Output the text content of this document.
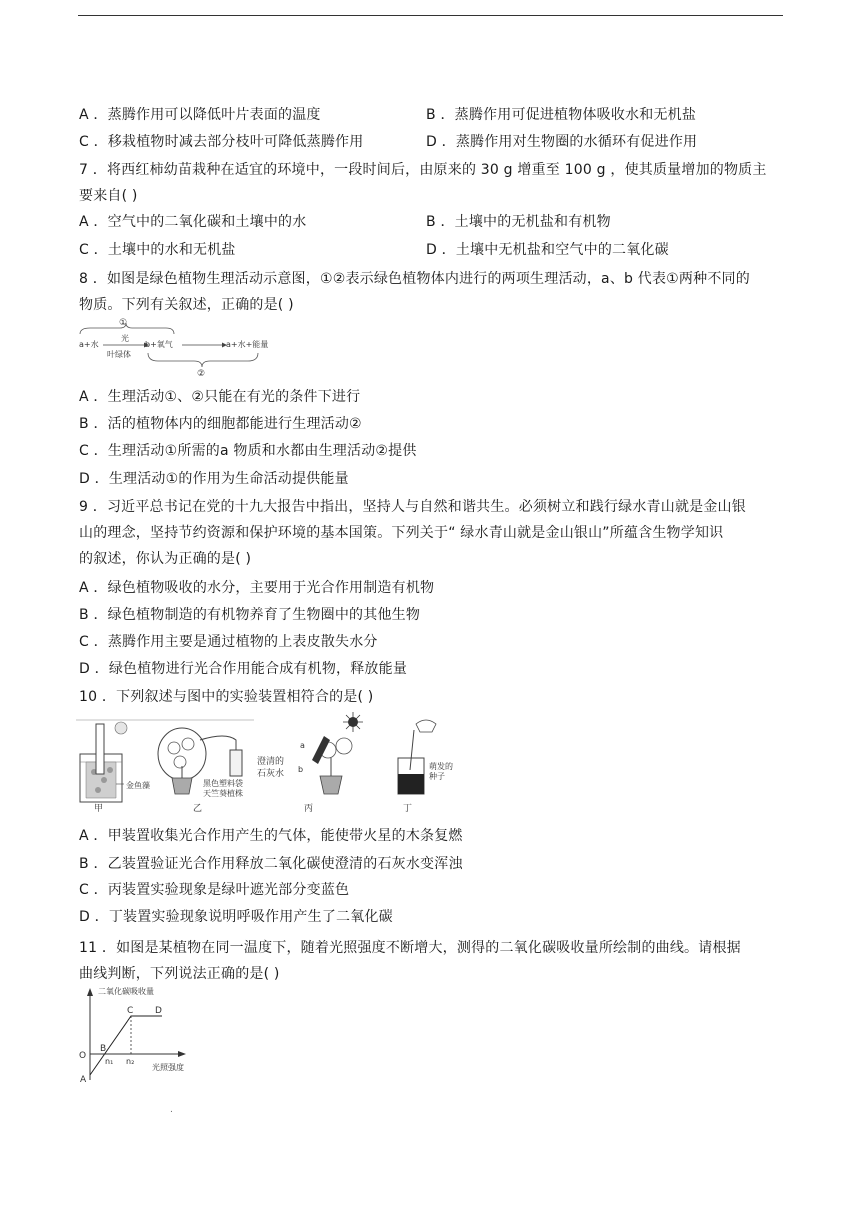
A ．蒸腾作用可以降低叶片表面的温度	B ．蒸腾作用可促进植物体吸收水和无机盐
C ．移栽植物时减去部分枝叶可降低蒸腾作用	D ．蒸腾作用对生物圈的水循环有促进作用
7 ．将西红柿幼苗栽种在适宜的环境中，一段时间后，由原来的 30 g 增重至 100 g ，使其质量增加的物质主
要来自( )
A ．空气中的二氧化碳和土壤中的水	B ．土壤中的无机盐和有机物
C ．土壤中的水和无机盐	D ．土壤中无机盐和空气中的二氧化碳
8 ．如图是绿色植物生理活动示意图，①②表示绿色植物体内进行的两项生理活动，a、b 代表①两种不同的
物质。下列有关叙述，正确的是( )
①
a+水
光
叶绿体
b+氧气	a+水+能量
②
A ．生理活动①、②只能在有光的条件下进行
B ．活的植物体内的细胞都能进行生理活动②
C ．生理活动①所需的a 物质和水都由生理活动②提供
D ．生理活动①的作用为生命活动提供能量
9 ．习近平总书记在党的十九大报告中指出，坚持人与自然和谐共生。必须树立和践行绿水青山就是金山银
山的理念，坚持节约资源和保护环境的基本国策。下列关于“ 绿水青山就是金山银山”所蕴含生物学知识
的叙述，你认为正确的是( )
A ．绿色植物吸收的水分，主要用于光合作用制造有机物
B ．绿色植物制造的有机物养育了生物圈中的其他生物
C ．蒸腾作用主要是通过植物的上表皮散失水分
D ．绿色植物进行光合作用能合成有机物，释放能量
10 ．下列叙述与图中的实验装置相符合的是( )
金鱼藻
甲
黑色塑料袋
天竺葵植株
乙
a
b
澄清的
石灰水
丙
萌发的
种子
丁
A ．甲装置收集光合作用产生的气体，能使带火星的木条复燃
B ．乙装置验证光合作用释放二氧化碳使澄清的石灰水变浑浊
C ．丙装置实验现象是绿叶遮光部分变蓝色
D ．丁装置实验现象说明呼吸作用产生了二氧化碳
11 ．如图是某植物在同一温度下，随着光照强度不断增大，测得的二氧化碳吸收量所绘制的曲线。请根据
曲线判断，下列说法正确的是( )
二氧化碳吸收量
光照强度
O
A
B
C D
n₁ n₂
.
